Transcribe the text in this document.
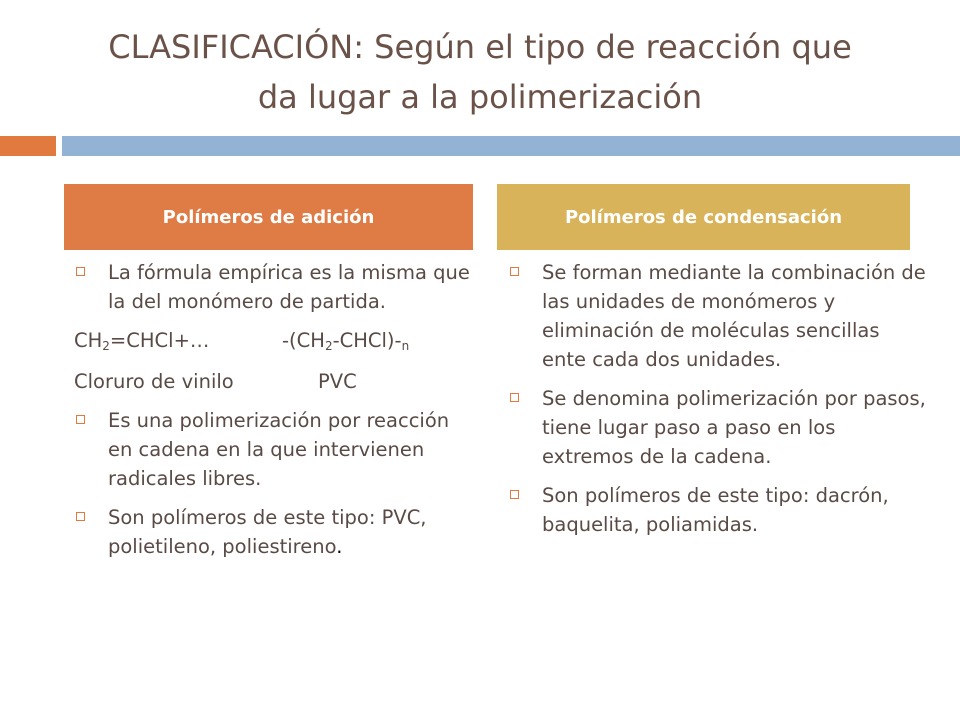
CLASIFICACIÓN: Según el tipo de reacción que
da lugar a la polimerización
Polímeros de adición	Polímeros de condensación
La fórmula empírica es la misma que la del monómero de partida.
$CH_2=CHCl+\dots$	$-(CH_2-CHCl)-_n$
Cloruro de vinilo	PVC
Es una polimerización por reacción en cadena en la que intervienen radicales libres.
Son polímeros de este tipo: PVC, polietileno, poliestireno.
Se forman mediante la combinación de las unidades de monómeros y eliminación de moléculas sencillas ente cada dos unidades.
Se denomina polimerización por pasos, tiene lugar paso a paso en los extremos de la cadena.
Son polímeros de este tipo: dacrón, baquelita, poliamidas.
